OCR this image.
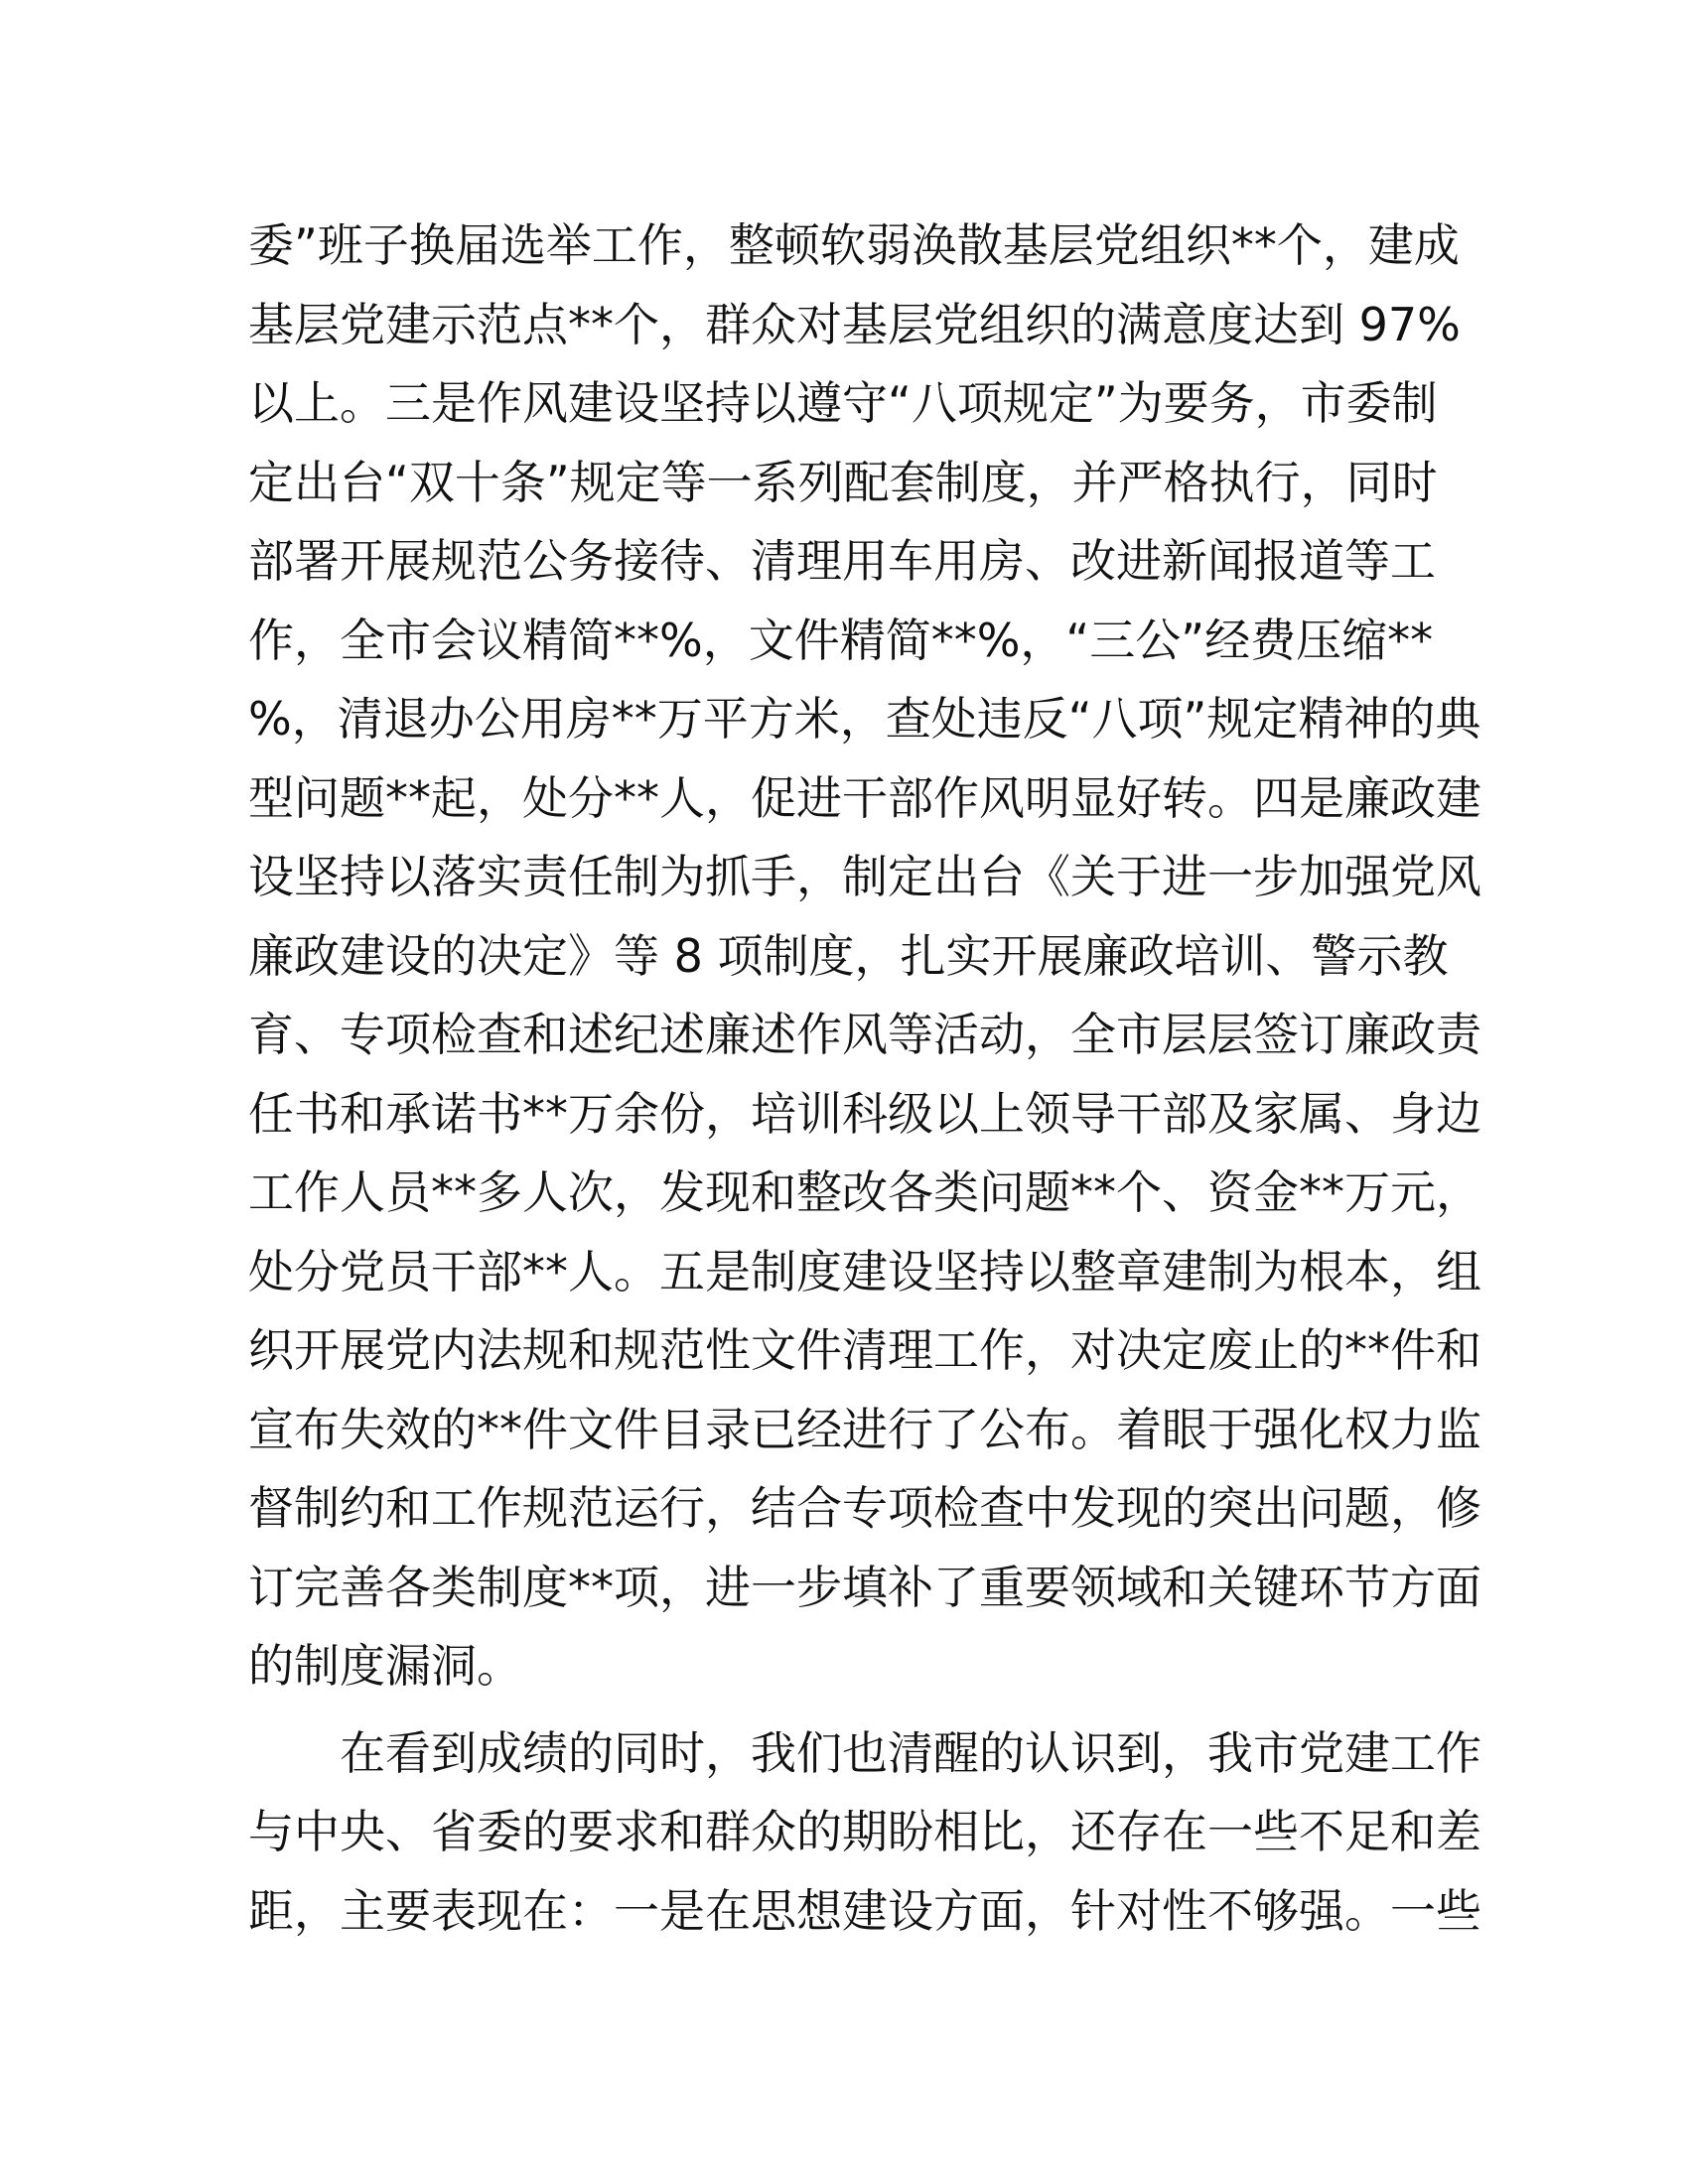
委”班子换届选举工作，整顿软弱涣散基层党组织**个，建成
基层党建示范点**个，群众对基层党组织的满意度达到 97%
以上。三是作风建设坚持以遵守“八项规定”为要务，市委制
定出台“双十条”规定等一系列配套制度，并严格执行，同时
部署开展规范公务接待、清理用车用房、改进新闻报道等工
作，全市会议精简**%，文件精简**%，“三公”经费压缩**
%，清退办公用房**万平方米，查处违反“八项”规定精神的典
型问题**起，处分**人，促进干部作风明显好转。四是廉政建
设坚持以落实责任制为抓手，制定出台《关于进一步加强党风
廉政建设的决定》等 8 项制度，扎实开展廉政培训、警示教
育、专项检查和述纪述廉述作风等活动，全市层层签订廉政责
任书和承诺书**万余份，培训科级以上领导干部及家属、身边
工作人员**多人次，发现和整改各类问题**个、资金**万元，
处分党员干部**人。五是制度建设坚持以整章建制为根本，组
织开展党内法规和规范性文件清理工作，对决定废止的**件和
宣布失效的**件文件目录已经进行了公布。着眼于强化权力监
督制约和工作规范运行，结合专项检查中发现的突出问题，修
订完善各类制度**项，进一步填补了重要领域和关键环节方面
的制度漏洞。
　　在看到成绩的同时，我们也清醒的认识到，我市党建工作
与中央、省委的要求和群众的期盼相比，还存在一些不足和差
距，主要表现在：一是在思想建设方面，针对性不够强。一些
